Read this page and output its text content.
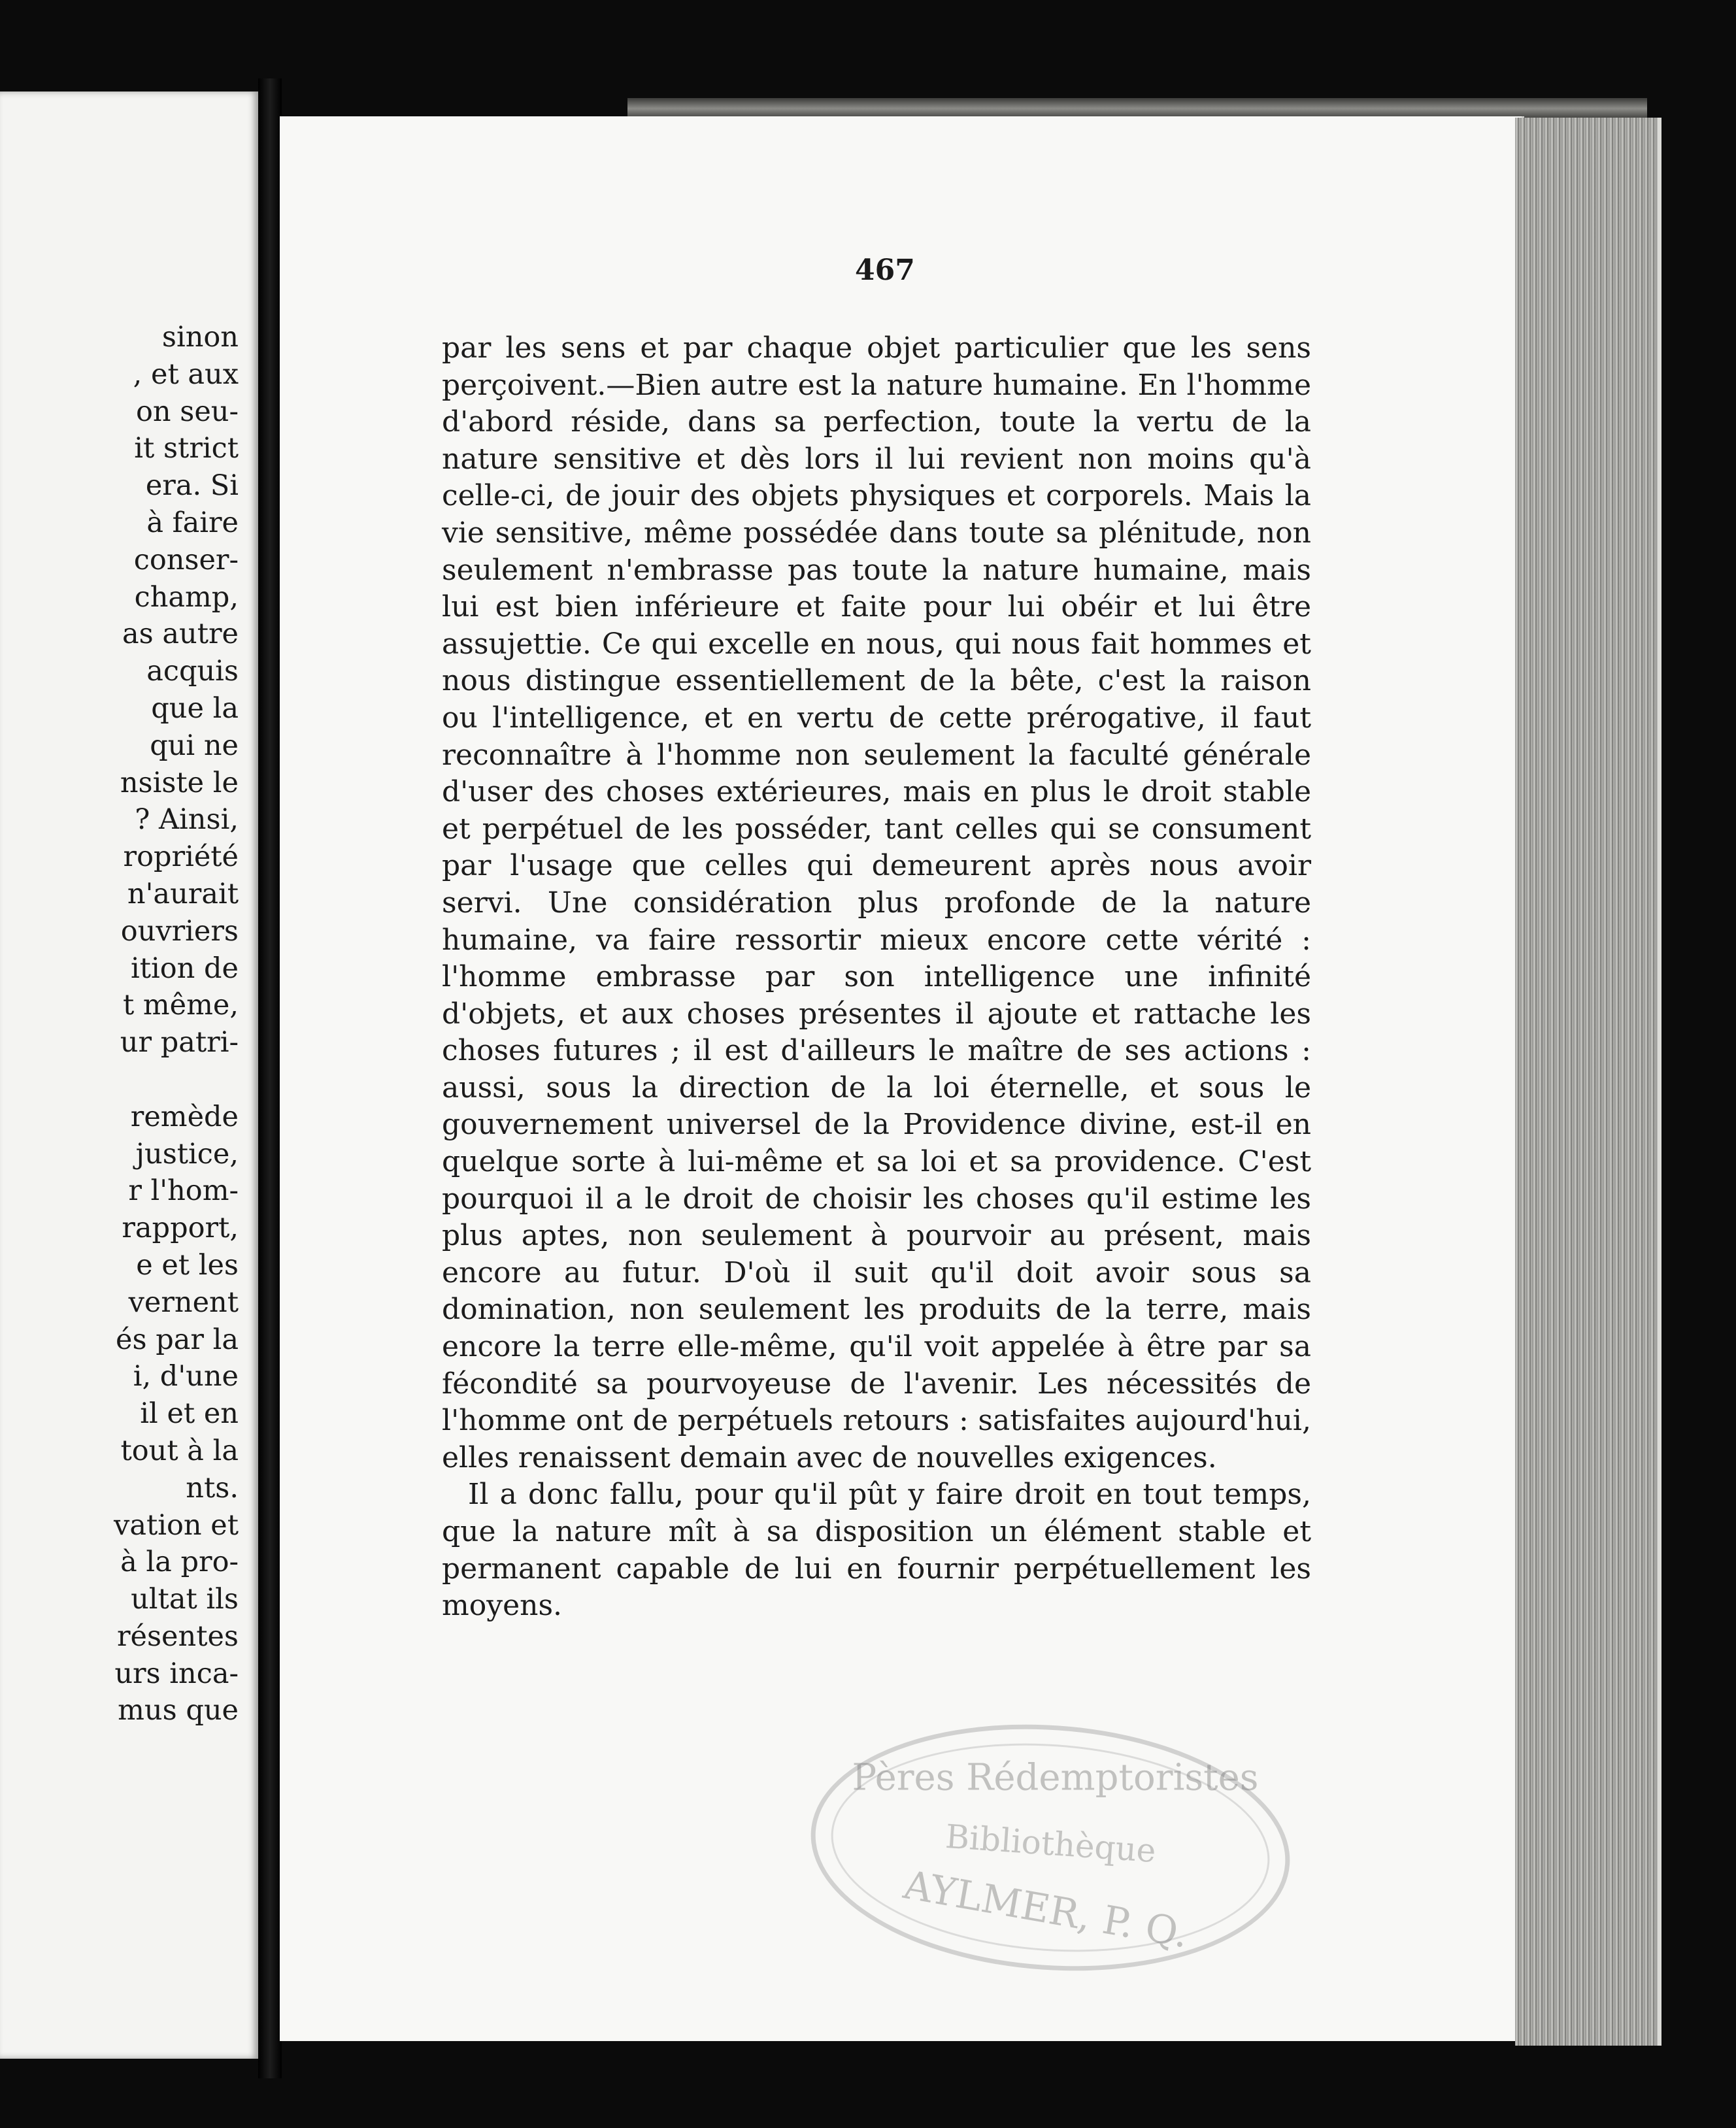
sinon
, et aux
on seu-
it strict
era. Si
à faire
conser-
champ,
as autre
acquis
que la
qui ne
nsiste le
? Ainsi,
ropriété
n'aurait
ouvriers
ition de
t même,
ur patri-
remède
justice,
r l'hom-
rapport,
e et les
vernent
és par la
i, d'une
il et en
tout à la
nts.
vation et
à la pro-
ultat ils
résentes
urs inca-
mus que
467

par les sens et par chaque objet particulier que les sens perçoivent.—Bien autre est la nature humaine. En l'homme d'abord réside, dans sa perfection, toute la vertu de la nature sensitive et dès lors il lui revient non moins qu'à celle-ci, de jouir des objets physiques et corporels. Mais la vie sensitive, même possédée dans toute sa plénitude, non seulement n'embrasse pas toute la nature humaine, mais lui est bien inférieure et faite pour lui obéir et lui être assujettie. Ce qui excelle en nous, qui nous fait hommes et nous distingue essentiellement de la bête, c'est la raison ou l'intelligence, et en vertu de cette prérogative, il faut reconnaître à l'homme non seulement la faculté générale d'user des choses extérieures, mais en plus le droit stable et perpétuel de les posséder, tant celles qui se consument par l'usage que celles qui demeurent après nous avoir servi. Une considération plus profonde de la nature humaine, va faire ressortir mieux encore cette vérité : l'homme embrasse par son intelligence une infinité d'objets, et aux choses présentes il ajoute et rattache les choses futures ; il est d'ailleurs le maître de ses actions : aussi, sous la direction de la loi éternelle, et sous le gouvernement universel de la Providence divine, est-il en quelque sorte à lui-même et sa loi et sa providence. C'est pourquoi il a le droit de choisir les choses qu'il estime les plus aptes, non seulement à pourvoir au présent, mais encore au futur. D'où il suit qu'il doit avoir sous sa domination, non seulement les produits de la terre, mais encore la terre elle-même, qu'il voit appelée à être par sa fécondité sa pourvoyeuse de l'avenir. Les nécessités de l'homme ont de perpétuels retours : satisfaites aujourd'hui, elles renaissent demain avec de nouvelles exigences.

Il a donc fallu, pour qu'il pût y faire droit en tout temps, que la nature mît à sa disposition un élément stable et permanent capable de lui en fournir perpétuellement les moyens.

Pères Rédemptoristes
Bibliothèque
AYLMER, P. Q.
